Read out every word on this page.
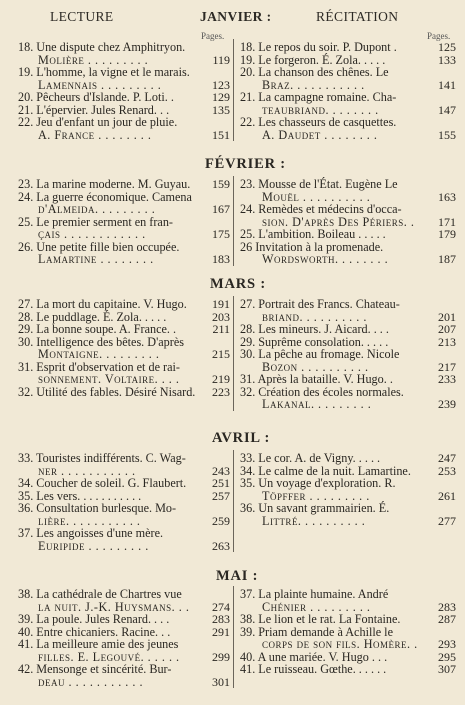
LECTURE	JANVIER :	RÉCITATION
Pages.	Pages.
18. Une dispute chez Amphitryon.
Molière . . . . . . . . .	119
19. L'homme, la vigne et le marais.
Lamennais . . . . . . . . .	123
20. Pêcheurs d'Islande. P. Loti. .	129
21. L'épervier. Jules Renard. . .	135
22. Jeu d'enfant un jour de pluie.
A. France . . . . . . . .	151
18. Le repos du soir. P. Dupont .	125
19. Le forgeron. É. Zola. . . . .	133
20. La chanson des chênes. Le
Braz. . . . . . . . . . .	141
21. La campagne romaine. Cha-
teaubriand. . . . . . . .	147
22. Les chasseurs de casquettes.
A. Daudet . . . . . . . .	155
FÉVRIER :
23. La marine moderne. M. Guyau.	159
24. La guerre économique. Camena
d'Almeida. . . . . . . . .	167
25. Le premier serment en fran-
çais . . . . . . . . . . . .	175
26. Une petite fille bien occupée.
Lamartine . . . . . . . .	183
23. Mousse de l'État. Eugène Le
Mouël . . . . . . . . . .	163
24. Remèdes et médecins d'occa-
sion. D'après Des Périers. .	171
25. L'ambition. Boileau . . . . .	179
26 Invitation à la promenade.
Wordsworth. . . . . . . .	187
MARS :
27. La mort du capitaine. V. Hugo.	191
28. Le puddlage. É. Zola. . . . .	203
29. La bonne soupe. A. France. .	211
30. Intelligence des bêtes. D'après
Montaigne. . . . . . . . .	215
31. Esprit d'observation et de rai-
sonnement. Voltaire. . . .	219
32. Utilité des fables. Désiré Nisard.	223
27. Portrait des Francs. Chateau-
briand. . . . . . . . . .	201
28. Les mineurs. J. Aicard. . . .	207
29. Suprême consolation. . . . .	213
30. La pêche au fromage. Nicole
Bozon . . . . . . . . . .	217
31. Après la bataille. V. Hugo. .	233
32. Création des écoles normales.
Lakanal. . . . . . . . .	239
AVRIL :
33. Touristes indifférents. C. Wag-
ner . . . . . . . . . . .	243
34. Coucher de soleil. G. Flaubert.	251
35. Les vers. . . . . . . . . . .	257
36. Consultation burlesque. Mo-
lière. . . . . . . . . . .	259
37. Les angoisses d'une mère.
Euripide . . . . . . . . .	263
33. Le cor. A. de Vigny. . . . .	247
34. Le calme de la nuit. Lamartine.	253
35. Un voyage d'exploration. R.
Töpffer . . . . . . . . .	261
36. Un savant grammairien. É.
Littré. . . . . . . . . .	277
MAI :
38. La cathédrale de Chartres vue
la nuit. J.-K. Huysmans. . .	274
39. La poule. Jules Renard. . . .	283
40. Entre chicaniers. Racine. . .	291
41. La meilleure amie des jeunes
filles. E. Legouvé. . . . . .	299
42. Mensonge et sincérité. Bur-
deau . . . . . . . . . . .	301
37. La plainte humaine. André
Chénier . . . . . . . . .	283
38. Le lion et le rat. La Fontaine.	287
39. Priam demande à Achille le
corps de son fils. Homère. .	293
40. A une mariée. V. Hugo . . .	295
41. Le ruisseau. Gœthe. . . . . .	307
